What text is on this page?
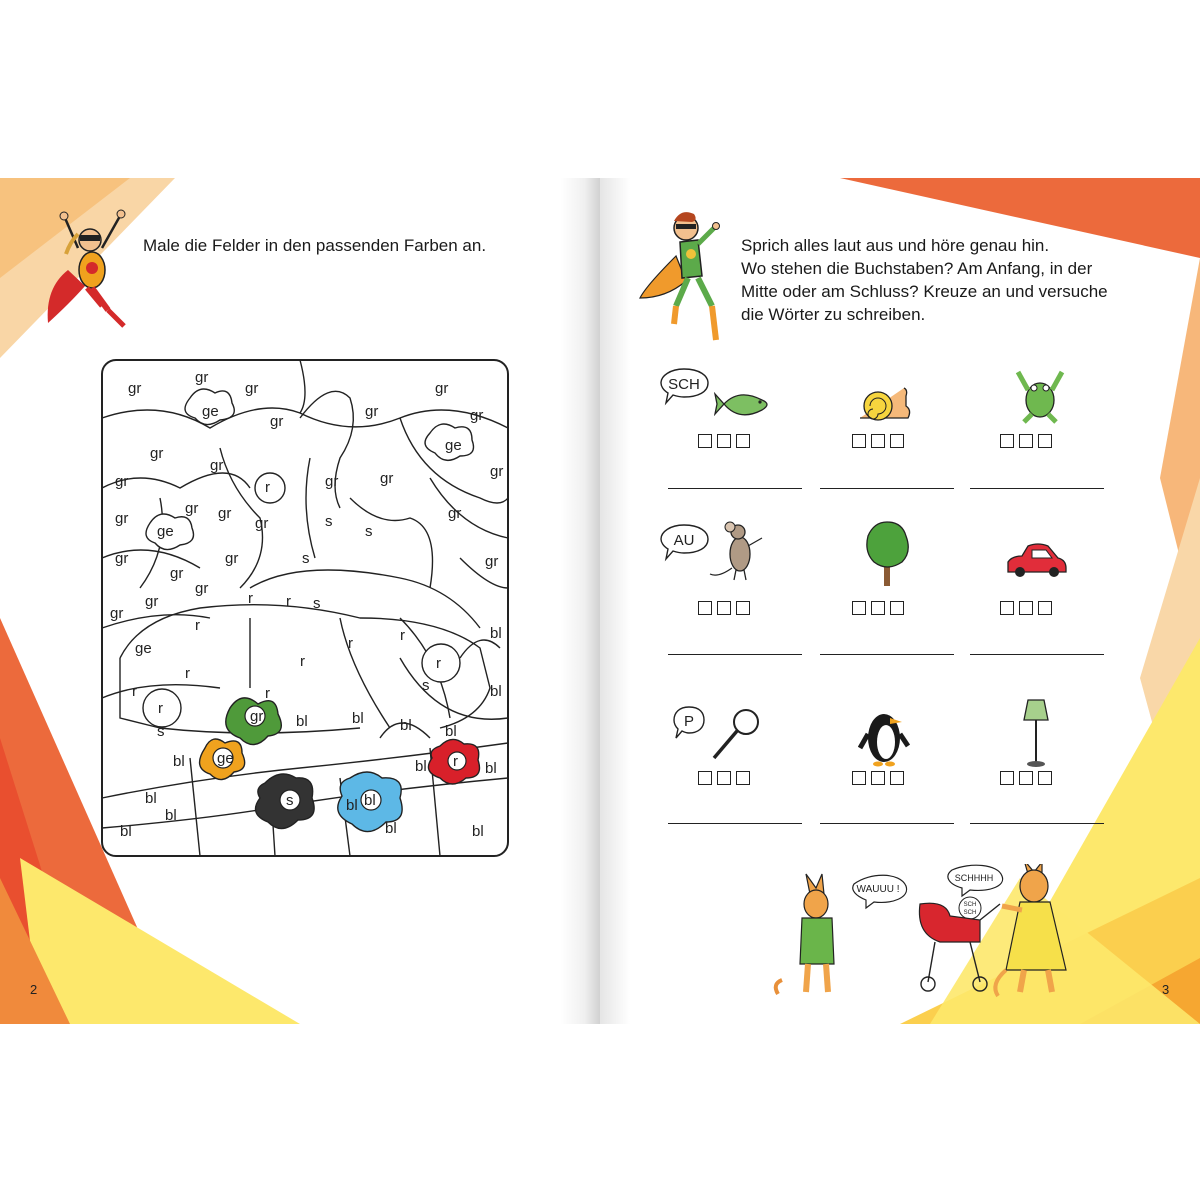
Male die Felder in den passenden Farben an.
gr
gr
gr	gr
gr	gr
ge
gr
ge
gr
gr	gr
gr	gr
r	gr
gr gr	gr
gr	gr
ge	s
s
gr	gr	gr
gr
s
gr
gr
gr
r r s
r	bl
r	r
ge
r
r
r	r	s	bl
r
r
s
gr bl	bl bl bl
ge
bl	r
bl	bl
bl	s	bl
bl
bl
bl	bl	bl
2
Sprich alles laut aus und höre genau hin.
Wo stehen die Buchstaben? Am Anfang, in der
Mitte oder am Schluss? Kreuze an und versuche
die Wörter zu schreiben.
SCH
AU
P
WAUUU !
SCHHHH
SCH
SCH
3
